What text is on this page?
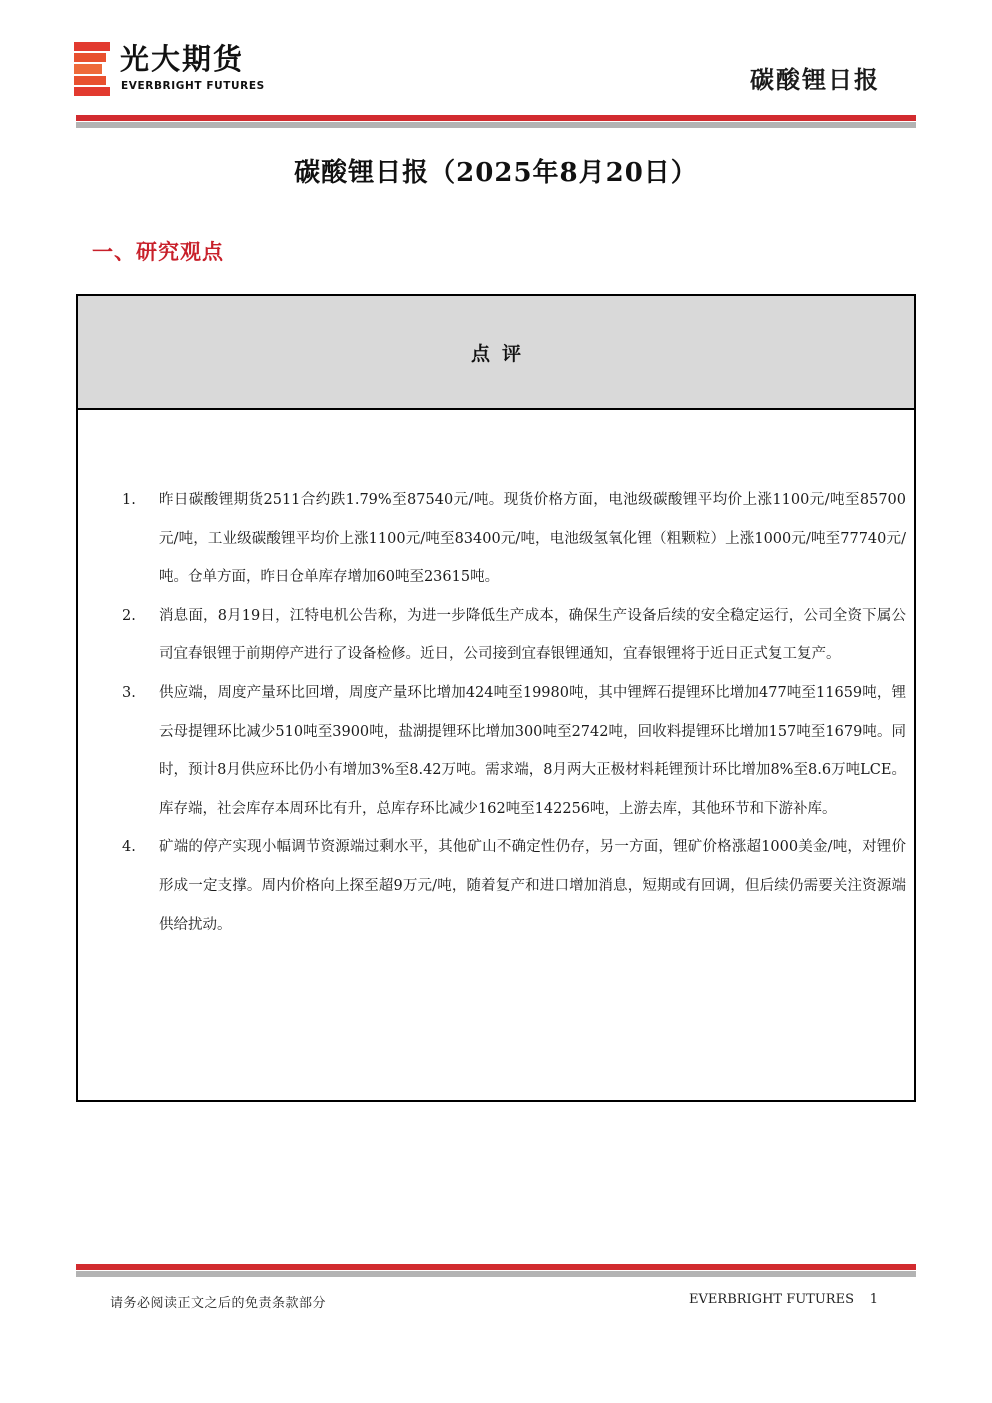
光大期货
EVERBRIGHT FUTURES	碳酸锂日报
碳酸锂日报（2025年8月20日）
一、研究观点
点评
1. 昨日碳酸锂期货2511合约跌1.79%至87540元/吨。现货价格方面，电池级碳酸锂平均价上涨1100元/吨至85700元/吨，工业级碳酸锂平均价上涨1100元/吨至83400元/吨，电池级氢氧化锂（粗颗粒）上涨1000元/吨至77740元/吨。仓单方面，昨日仓单库存增加60吨至23615吨。
2. 消息面，8月19日，江特电机公告称，为进一步降低生产成本，确保生产设备后续的安全稳定运行，公司全资下属公司宜春银锂于前期停产进行了设备检修。近日，公司接到宜春银锂通知，宜春银锂将于近日正式复工复产。
3. 供应端，周度产量环比回增，周度产量环比增加424吨至19980吨，其中锂辉石提锂环比增加477吨至11659吨，锂云母提锂环比减少510吨至3900吨，盐湖提锂环比增加300吨至2742吨，回收料提锂环比增加157吨至1679吨。同时，预计8月供应环比仍小有增加3%至8.42万吨。需求端，8月两大正极材料耗锂预计环比增加8%至8.6万吨LCE。库存端，社会库存本周环比有升，总库存环比减少162吨至142256吨，上游去库，其他环节和下游补库。
4. 矿端的停产实现小幅调节资源端过剩水平，其他矿山不确定性仍存，另一方面，锂矿价格涨超1000美金/吨，对锂价形成一定支撑。周内价格向上探至超9万元/吨，随着复产和进口增加消息，短期或有回调，但后续仍需要关注资源端供给扰动。
请务必阅读正文之后的免责条款部分	EVERBRIGHT FUTURES 1
